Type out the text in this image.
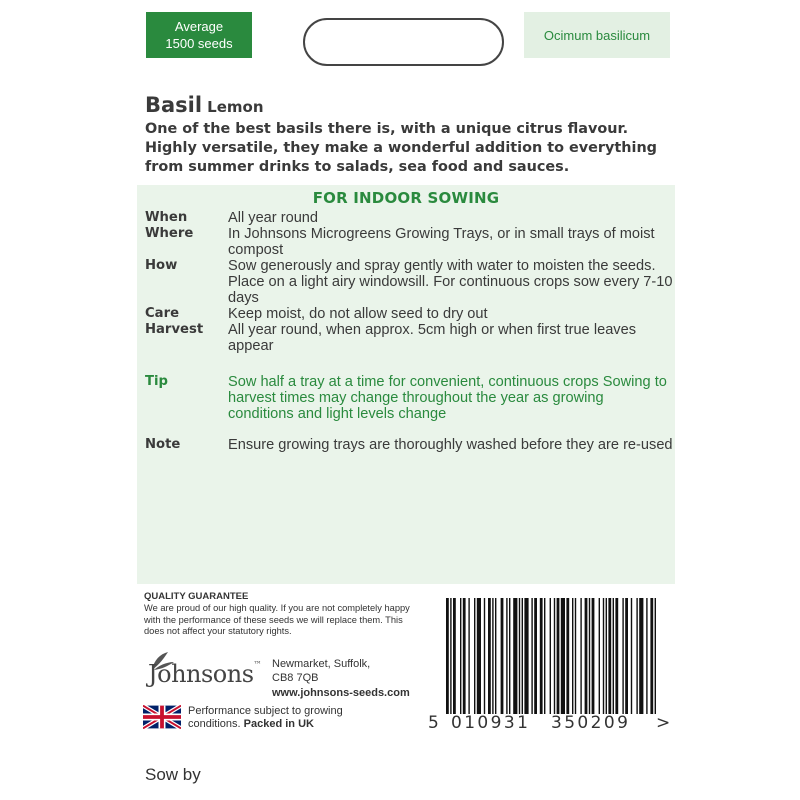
Average
1500 seeds
Ocimum basilicum
Basil Lemon
One of the best basils there is, with a unique citrus flavour. Highly versatile, they make a wonderful addition to everything from summer drinks to salads, sea food and sauces.
FOR INDOOR SOWING
When	All year round
Where	In Johnsons Microgreens Growing Trays, or in small trays of moist compost
How	Sow generously and spray gently with water to moisten the seeds. Place on a light airy windowsill. For continuous crops sow every 7-10 days
Care	Keep moist, do not allow seed to dry out
Harvest	All year round, when approx. 5cm high or when first true leaves appear
Tip	Sow half a tray at a time for convenient, continuous crops Sowing to harvest times may change throughout the year as growing conditions and light levels change
Note	Ensure growing trays are thoroughly washed before they are re-used
QUALITY GUARANTEE
We are proud of our high quality. If you are not completely happy with the performance of these seeds we will replace them. This does not affect your statutory rights.
Johnsons™ Newmarket, Suffolk,
CB8 7QB
www.johnsons-seeds.com
Performance subject to growing
conditions. Packed in UK	5 010931 350209 >
Sow by
